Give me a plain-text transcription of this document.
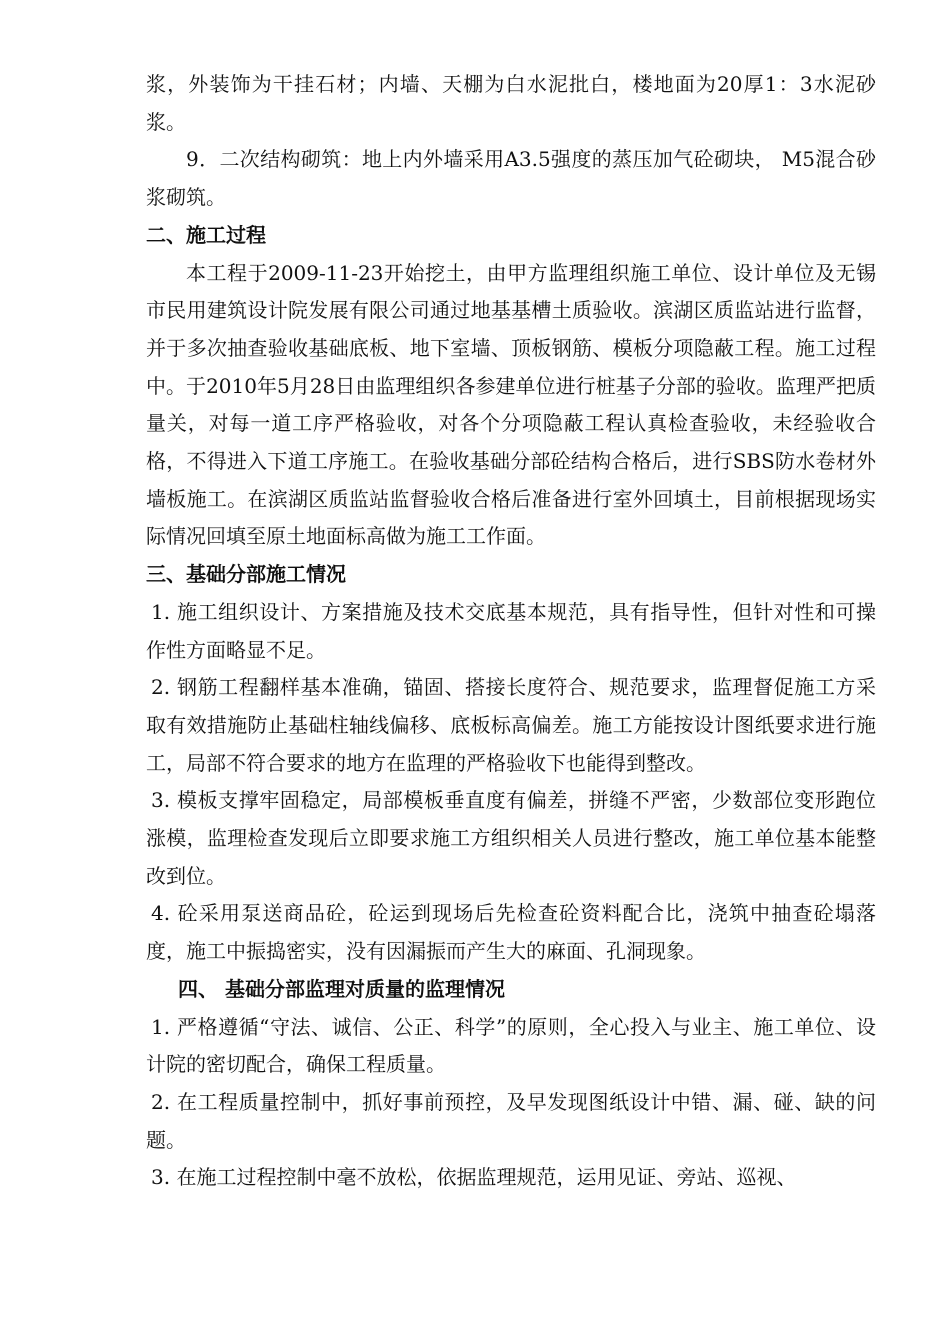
浆，外装饰为干挂石材；内墙、天棚为白水泥批白，楼地面为20厚1：3水泥砂浆。

9．二次结构砌筑：地上内外墙采用A3.5强度的蒸压加气砼砌块， M5混合砂浆砌筑。

二、施工过程

本工程于2009-11-23开始挖土，由甲方监理组织施工单位、设计单位及无锡市民用建筑设计院发展有限公司通过地基基槽土质验收。滨湖区质监站进行监督，并于多次抽查验收基础底板、地下室墙、顶板钢筋、模板分项隐蔽工程。施工过程中。于2010年5月28日由监理组织各参建单位进行桩基子分部的验收。监理严把质量关，对每一道工序严格验收，对各个分项隐蔽工程认真检查验收，未经验收合格，不得进入下道工序施工。在验收基础分部砼结构合格后，进行SBS防水卷材外墙板施工。在滨湖区质监站监督验收合格后准备进行室外回填土，目前根据现场实际情况回填至原土地面标高做为施工工作面。

三、基础分部施工情况

1. 施工组织设计、方案措施及技术交底基本规范，具有指导性，但针对性和可操作性方面略显不足。

2. 钢筋工程翻样基本准确，锚固、搭接长度符合、规范要求，监理督促施工方采取有效措施防止基础柱轴线偏移、底板标高偏差。施工方能按设计图纸要求进行施工，局部不符合要求的地方在监理的严格验收下也能得到整改。

3. 模板支撑牢固稳定，局部模板垂直度有偏差，拼缝不严密，少数部位变形跑位涨模，监理检查发现后立即要求施工方组织相关人员进行整改，施工单位基本能整改到位。

4. 砼采用泵送商品砼，砼运到现场后先检查砼资料配合比，浇筑中抽查砼塌落度，施工中振捣密实，没有因漏振而产生大的麻面、孔洞现象。

四、 基础分部监理对质量的监理情况

1. 严格遵循“守法、诚信、公正、科学”的原则，全心投入与业主、施工单位、设计院的密切配合，确保工程质量。

2. 在工程质量控制中，抓好事前预控，及早发现图纸设计中错、漏、碰、缺的问题。

3. 在施工过程控制中毫不放松，依据监理规范，运用见证、旁站、巡视、
